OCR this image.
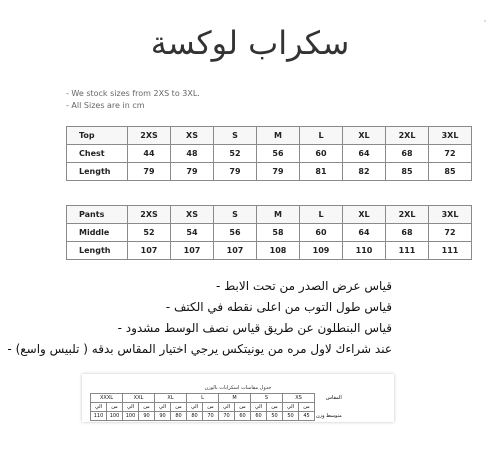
سكراب لوكسة
- We stock sizes from 2XS to 3XL.
- All Sizes are in cm
Top	2XS	XS	S	M	L	XL	2XL	3XL
Chest	44	48	52	56	60	64	68	72
Length	79	79	79	79	81	82	85	85
Pants	2XS	XS	S	M	L	XL	2XL	3XL
Middle	52	54	56	58	60	64	68	72
Length	107	107	107	108	109	110	111	111
قياس عرض الصدر من تحت الابط -
قياس طول التوب من اعلى نقطه في الكتف -
قياس البنطلون عن طريق قياس نصف الوسط مشدود -
عند شراءك لاول مره من يونيتكس يرجي اختيار المقاس بدقه ( تلبيس واسع) -
جدول مقاسات اسكرابات بالوزن
المقاس	XS		S		M		L		XL		XXL		XXXL	
	من	الي	من	الي	من	الي	من	الي	من	الي	من	الي	من	الي
متوسط وزن	45	50	50	60	60	70	70	80	80	90	90	100	100	110
